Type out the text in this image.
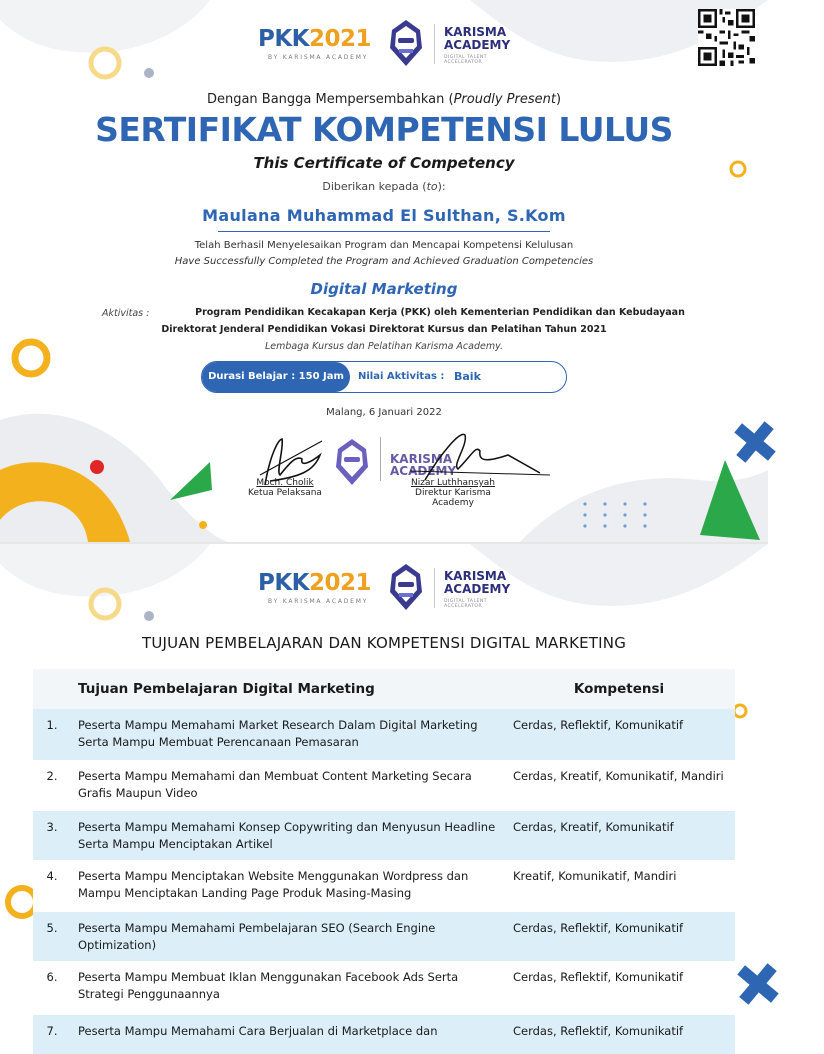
PKK2021
BY KARISMA ACADEMY
KARISMA
ACADEMY
DIGITAL TALENT ACCELERATOR
Dengan Bangga Mempersembahkan (Proudly Present)
SERTIFIKAT KOMPETENSI LULUS
This Certificate of Competency
Diberikan kepada (to):
Maulana Muhammad El Sulthan, S.Kom
Telah Berhasil Menyelesaikan Program dan Mencapai Kompetensi Kelulusan
Have Successfully Completed the Program and Achieved Graduation Competencies
Digital Marketing
Aktivitas :	Program Pendidikan Kecakapan Kerja (PKK) oleh Kementerian Pendidikan dan Kebudayaan
Direktorat Jenderal Pendidikan Vokasi Direktorat Kursus dan Pelatihan Tahun 2021
Lembaga Kursus dan Pelatihan Karisma Academy.
Durasi Belajar : 150 Jam	Nilai Aktivitas : Baik
Malang, 6 Januari 2022
KARISMA
ACADEMY
Moch. Cholik
Ketua Pelaksana
Nizar Luthhansyah
Direktur Karisma Academy
PKK2021
BY KARISMA ACADEMY
KARISMA
ACADEMY
DIGITAL TALENT ACCELERATOR
TUJUAN PEMBELAJARAN DAN KOMPETENSI DIGITAL MARKETING
	Tujuan Pembelajaran Digital Marketing	Kompetensi
1.	Peserta Mampu Memahami Market Research Dalam Digital Marketing Serta Mampu Membuat Perencanaan Pemasaran	Cerdas, Reflektif, Komunikatif
2.	Peserta Mampu Memahami dan Membuat Content Marketing Secara Grafis Maupun Video	Cerdas, Kreatif, Komunikatif, Mandiri
3.	Peserta Mampu Memahami Konsep Copywriting dan Menyusun Headline Serta Mampu Menciptakan Artikel	Cerdas, Kreatif, Komunikatif
4.	Peserta Mampu Menciptakan Website Menggunakan Wordpress dan Mampu Menciptakan Landing Page Produk Masing-Masing	Kreatif, Komunikatif, Mandiri
5.	Peserta Mampu Memahami Pembelajaran SEO (Search Engine Optimization)	Cerdas, Reflektif, Komunikatif
6.	Peserta Mampu Membuat Iklan Menggunakan Facebook Ads Serta Strategi Penggunaannya	Cerdas, Reflektif, Komunikatif
7.	Peserta Mampu Memahami Cara Berjualan di Marketplace dan	Cerdas, Reflektif, Komunikatif
